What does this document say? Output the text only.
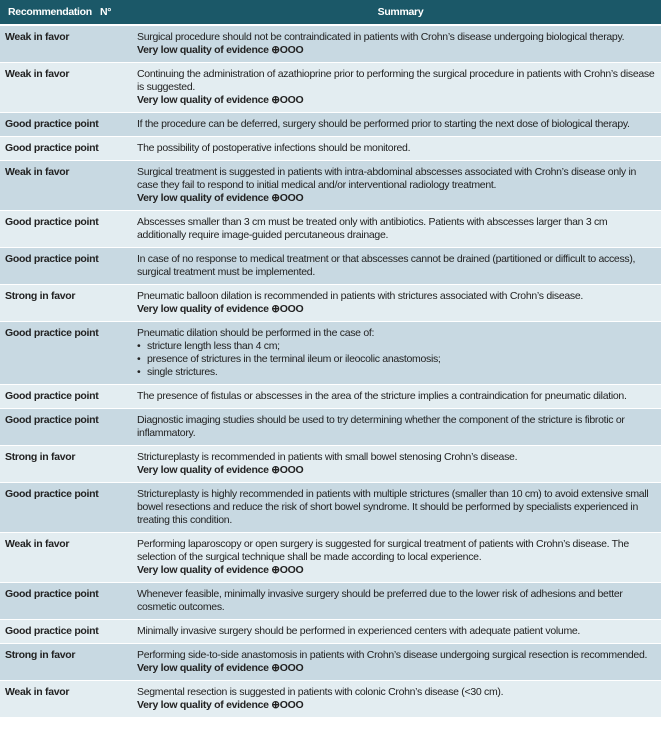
Recommendation N°	Summary
Weak in favor	Surgical procedure should not be contraindicated in patients with Crohn’s disease undergoing biological therapy.
Very low quality of evidence ⊕OOO
Weak in favor	Continuing the administration of azathioprine prior to performing the surgical procedure in patients with Crohn’s disease is suggested.
Very low quality of evidence ⊕OOO
Good practice point	If the procedure can be deferred, surgery should be performed prior to starting the next dose of biological therapy.
Good practice point	The possibility of postoperative infections should be monitored.
Weak in favor	Surgical treatment is suggested in patients with intra-abdominal abscesses associated with Crohn’s disease only in case they fail to respond to initial medical and/or interventional radiology treatment.
Very low quality of evidence ⊕OOO
Good practice point	Abscesses smaller than 3 cm must be treated only with antibiotics. Patients with abscesses larger than 3 cm additionally require image-guided percutaneous drainage.
Good practice point	In case of no response to medical treatment or that abscesses cannot be drained (partitioned or difficult to access), surgical treatment must be implemented.
Strong in favor	Pneumatic balloon dilation is recommended in patients with strictures associated with Crohn’s disease.
Very low quality of evidence ⊕OOO
Good practice point	Pneumatic dilation should be performed in the case of:
• stricture length less than 4 cm;
• presence of strictures in the terminal ileum or ileocolic anastomosis;
• single strictures.
Good practice point	The presence of fistulas or abscesses in the area of the stricture implies a contraindication for pneumatic dilation.
Good practice point	Diagnostic imaging studies should be used to try determining whether the component of the stricture is fibrotic or inflammatory.
Strong in favor	Strictureplasty is recommended in patients with small bowel stenosing Crohn’s disease.
Very low quality of evidence ⊕OOO
Good practice point	Strictureplasty is highly recommended in patients with multiple strictures (smaller than 10 cm) to avoid extensive small bowel resections and reduce the risk of short bowel syndrome. It should be performed by specialists experienced in treating this condition.
Weak in favor	Performing laparoscopy or open surgery is suggested for surgical treatment of patients with Crohn’s disease. The selection of the surgical technique shall be made according to local experience.
Very low quality of evidence ⊕OOO
Good practice point	Whenever feasible, minimally invasive surgery should be preferred due to the lower risk of adhesions and better cosmetic outcomes.
Good practice point	Minimally invasive surgery should be performed in experienced centers with adequate patient volume.
Strong in favor	Performing side-to-side anastomosis in patients with Crohn’s disease undergoing surgical resection is recommended.
Very low quality of evidence ⊕OOO
Weak in favor	Segmental resection is suggested in patients with colonic Crohn’s disease (<30 cm).
Very low quality of evidence ⊕OOO
